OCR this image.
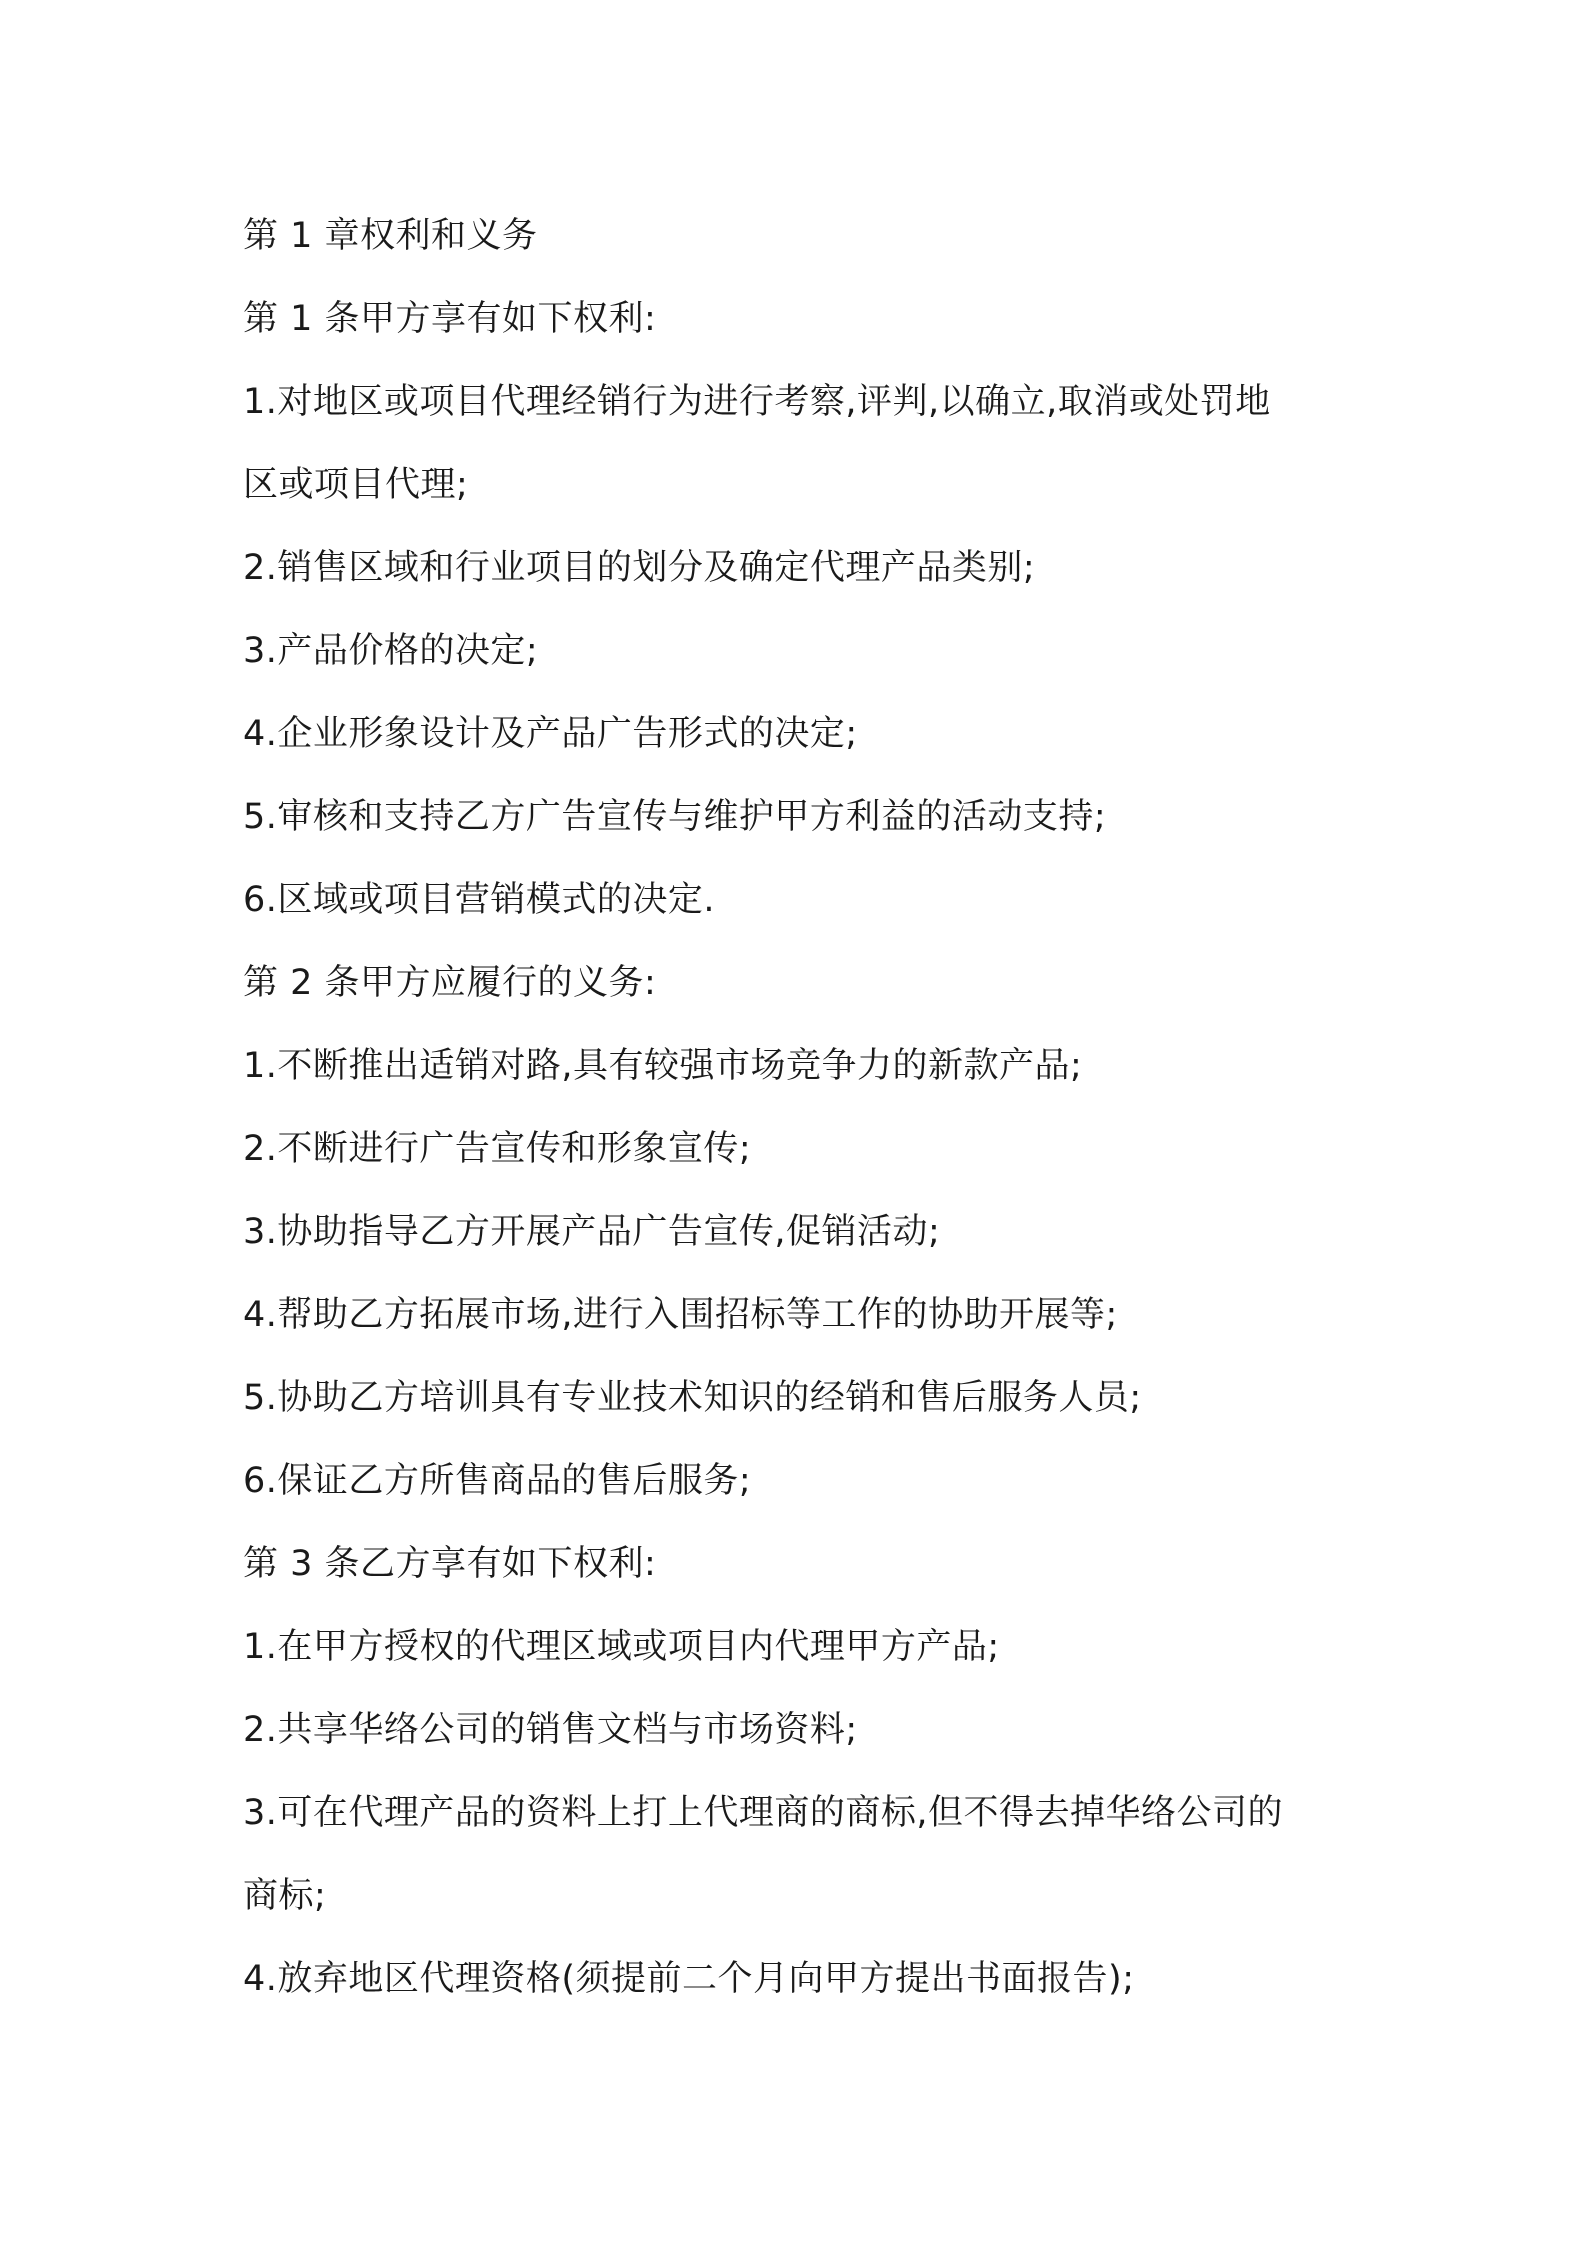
第 1 章权利和义务
第 1 条甲方享有如下权利:
1.对地区或项目代理经销行为进行考察,评判,以确立,取消或处罚地
区或项目代理;
2.销售区域和行业项目的划分及确定代理产品类别;
3.产品价格的决定;
4.企业形象设计及产品广告形式的决定;
5.审核和支持乙方广告宣传与维护甲方利益的活动支持;
6.区域或项目营销模式的决定.
第 2 条甲方应履行的义务:
1.不断推出适销对路,具有较强市场竞争力的新款产品;
2.不断进行广告宣传和形象宣传;
3.协助指导乙方开展产品广告宣传,促销活动;
4.帮助乙方拓展市场,进行入围招标等工作的协助开展等;
5.协助乙方培训具有专业技术知识的经销和售后服务人员;
6.保证乙方所售商品的售后服务;
第 3 条乙方享有如下权利:
1.在甲方授权的代理区域或项目内代理甲方产品;
2.共享华络公司的销售文档与市场资料;
3.可在代理产品的资料上打上代理商的商标,但不得去掉华络公司的
商标;
4.放弃地区代理资格(须提前二个月向甲方提出书面报告);
